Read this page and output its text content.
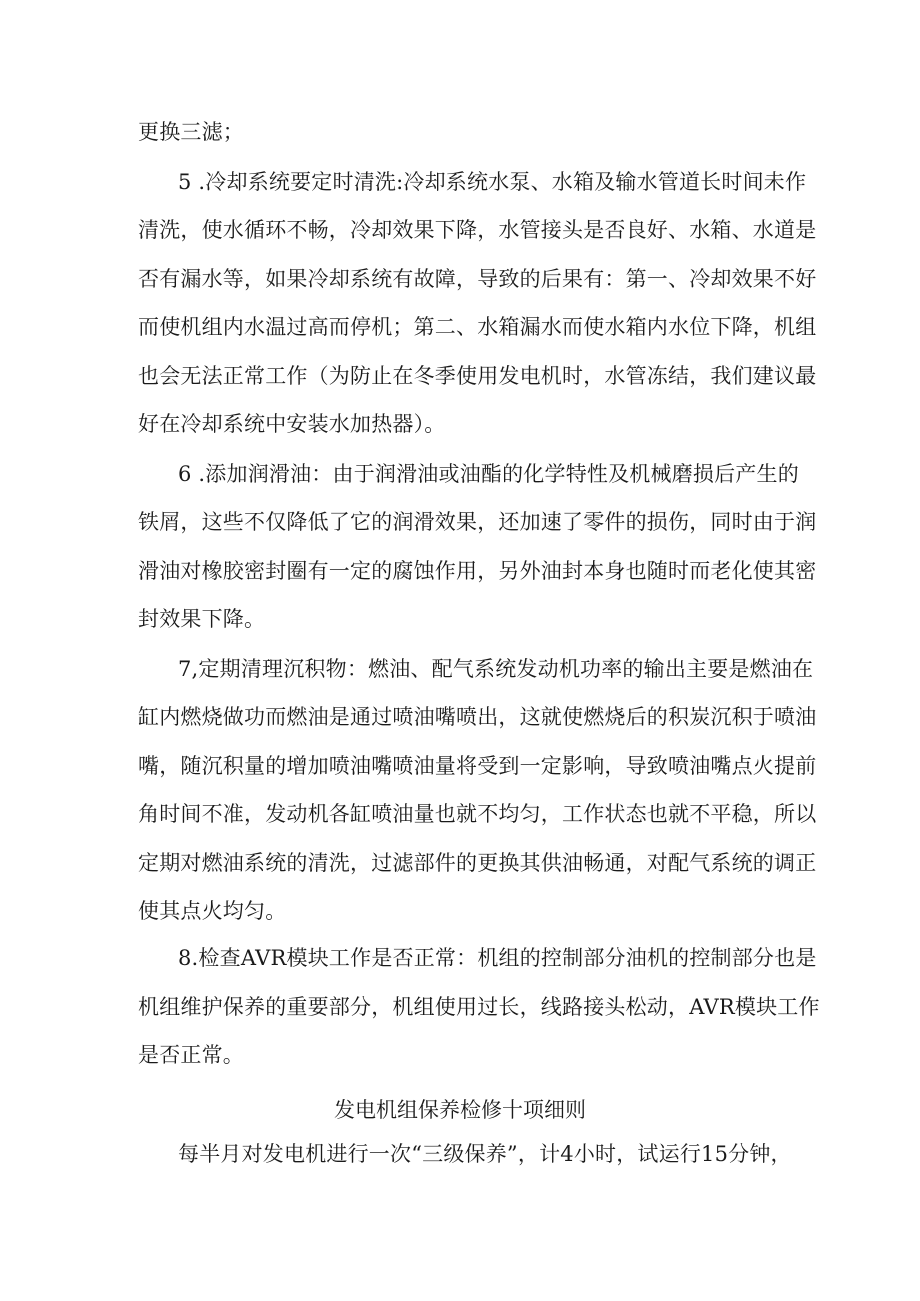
更换三滤；
5 .冷却系统要定时清洗:冷却系统水泵、水箱及输水管道长时间未作
清洗，使水循环不畅，冷却效果下降，水管接头是否良好、水箱、水道是
否有漏水等，如果冷却系统有故障，导致的后果有：第一、冷却效果不好
而使机组内水温过高而停机；第二、水箱漏水而使水箱内水位下降，机组
也会无法正常工作（为防止在冬季使用发电机时，水管冻结，我们建议最
好在冷却系统中安装水加热器）。
6 .添加润滑油：由于润滑油或油酯的化学特性及机械磨损后产生的
铁屑，这些不仅降低了它的润滑效果，还加速了零件的损伤，同时由于润
滑油对橡胶密封圈有一定的腐蚀作用，另外油封本身也随时而老化使其密
封效果下降。
7,定期清理沉积物：燃油、配气系统发动机功率的输出主要是燃油在
缸内燃烧做功而燃油是通过喷油嘴喷出，这就使燃烧后的积炭沉积于喷油
嘴，随沉积量的增加喷油嘴喷油量将受到一定影响，导致喷油嘴点火提前
角时间不准，发动机各缸喷油量也就不均匀，工作状态也就不平稳，所以
定期对燃油系统的清洗，过滤部件的更换其供油畅通，对配气系统的调正
使其点火均匀。
8.检查AVR模块工作是否正常：机组的控制部分油机的控制部分也是
机组维护保养的重要部分，机组使用过长，线路接头松动，AVR模块工作
是否正常。
发电机组保养检修十项细则
每半月对发电机进行一次“三级保养”，计4小时，试运行15分钟，
